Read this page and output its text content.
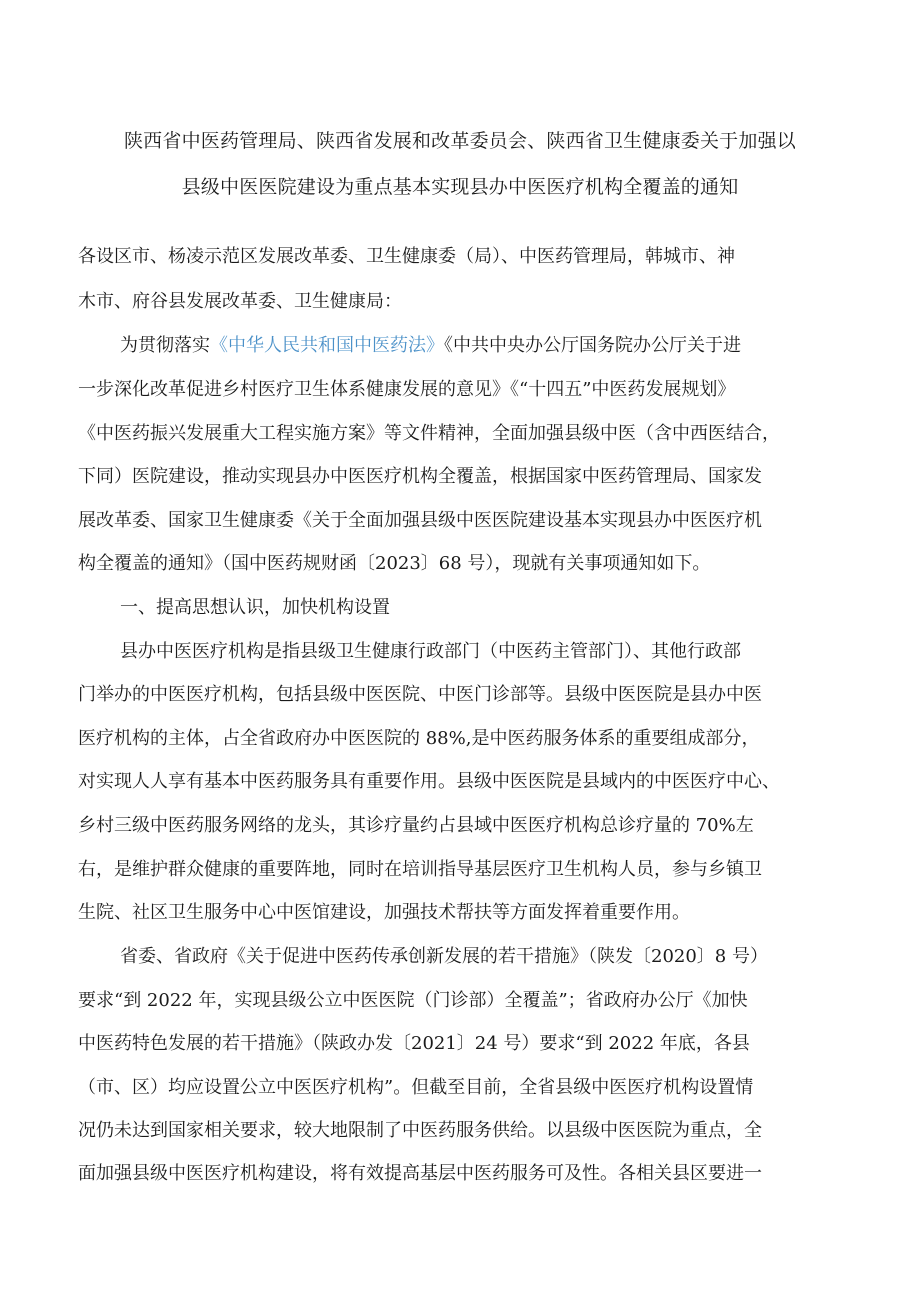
陕西省中医药管理局、陕西省发展和改革委员会、陕西省卫生健康委关于加强以
县级中医医院建设为重点基本实现县办中医医疗机构全覆盖的通知
各设区市、杨凌示范区发展改革委、卫生健康委（局）、中医药管理局，韩城市、神
木市、府谷县发展改革委、卫生健康局：
为贯彻落实《中华人民共和国中医药法》《中共中央办公厅国务院办公厅关于进
一步深化改革促进乡村医疗卫生体系健康发展的意见》《“十四五”中医药发展规划》
《中医药振兴发展重大工程实施方案》等文件精神，全面加强县级中医（含中西医结合，
下同）医院建设，推动实现县办中医医疗机构全覆盖，根据国家中医药管理局、国家发
展改革委、国家卫生健康委《关于全面加强县级中医医院建设基本实现县办中医医疗机
构全覆盖的通知》（国中医药规财函〔2023〕68 号），现就有关事项通知如下。
一、提高思想认识，加快机构设置
县办中医医疗机构是指县级卫生健康行政部门（中医药主管部门）、其他行政部
门举办的中医医疗机构，包括县级中医医院、中医门诊部等。县级中医医院是县办中医
医疗机构的主体，占全省政府办中医医院的 88%,是中医药服务体系的重要组成部分，
对实现人人享有基本中医药服务具有重要作用。县级中医医院是县域内的中医医疗中心、
乡村三级中医药服务网络的龙头，其诊疗量约占县域中医医疗机构总诊疗量的 70%左
右，是维护群众健康的重要阵地，同时在培训指导基层医疗卫生机构人员，参与乡镇卫
生院、社区卫生服务中心中医馆建设，加强技术帮扶等方面发挥着重要作用。
省委、省政府《关于促进中医药传承创新发展的若干措施》（陕发〔2020〕8 号）
要求“到 2022 年，实现县级公立中医医院（门诊部）全覆盖”；省政府办公厅《加快
中医药特色发展的若干措施》（陕政办发〔2021〕24 号）要求“到 2022 年底，各县
（市、区）均应设置公立中医医疗机构”。但截至目前，全省县级中医医疗机构设置情
况仍未达到国家相关要求，较大地限制了中医药服务供给。以县级中医医院为重点，全
面加强县级中医医疗机构建设，将有效提高基层中医药服务可及性。各相关县区要进一
